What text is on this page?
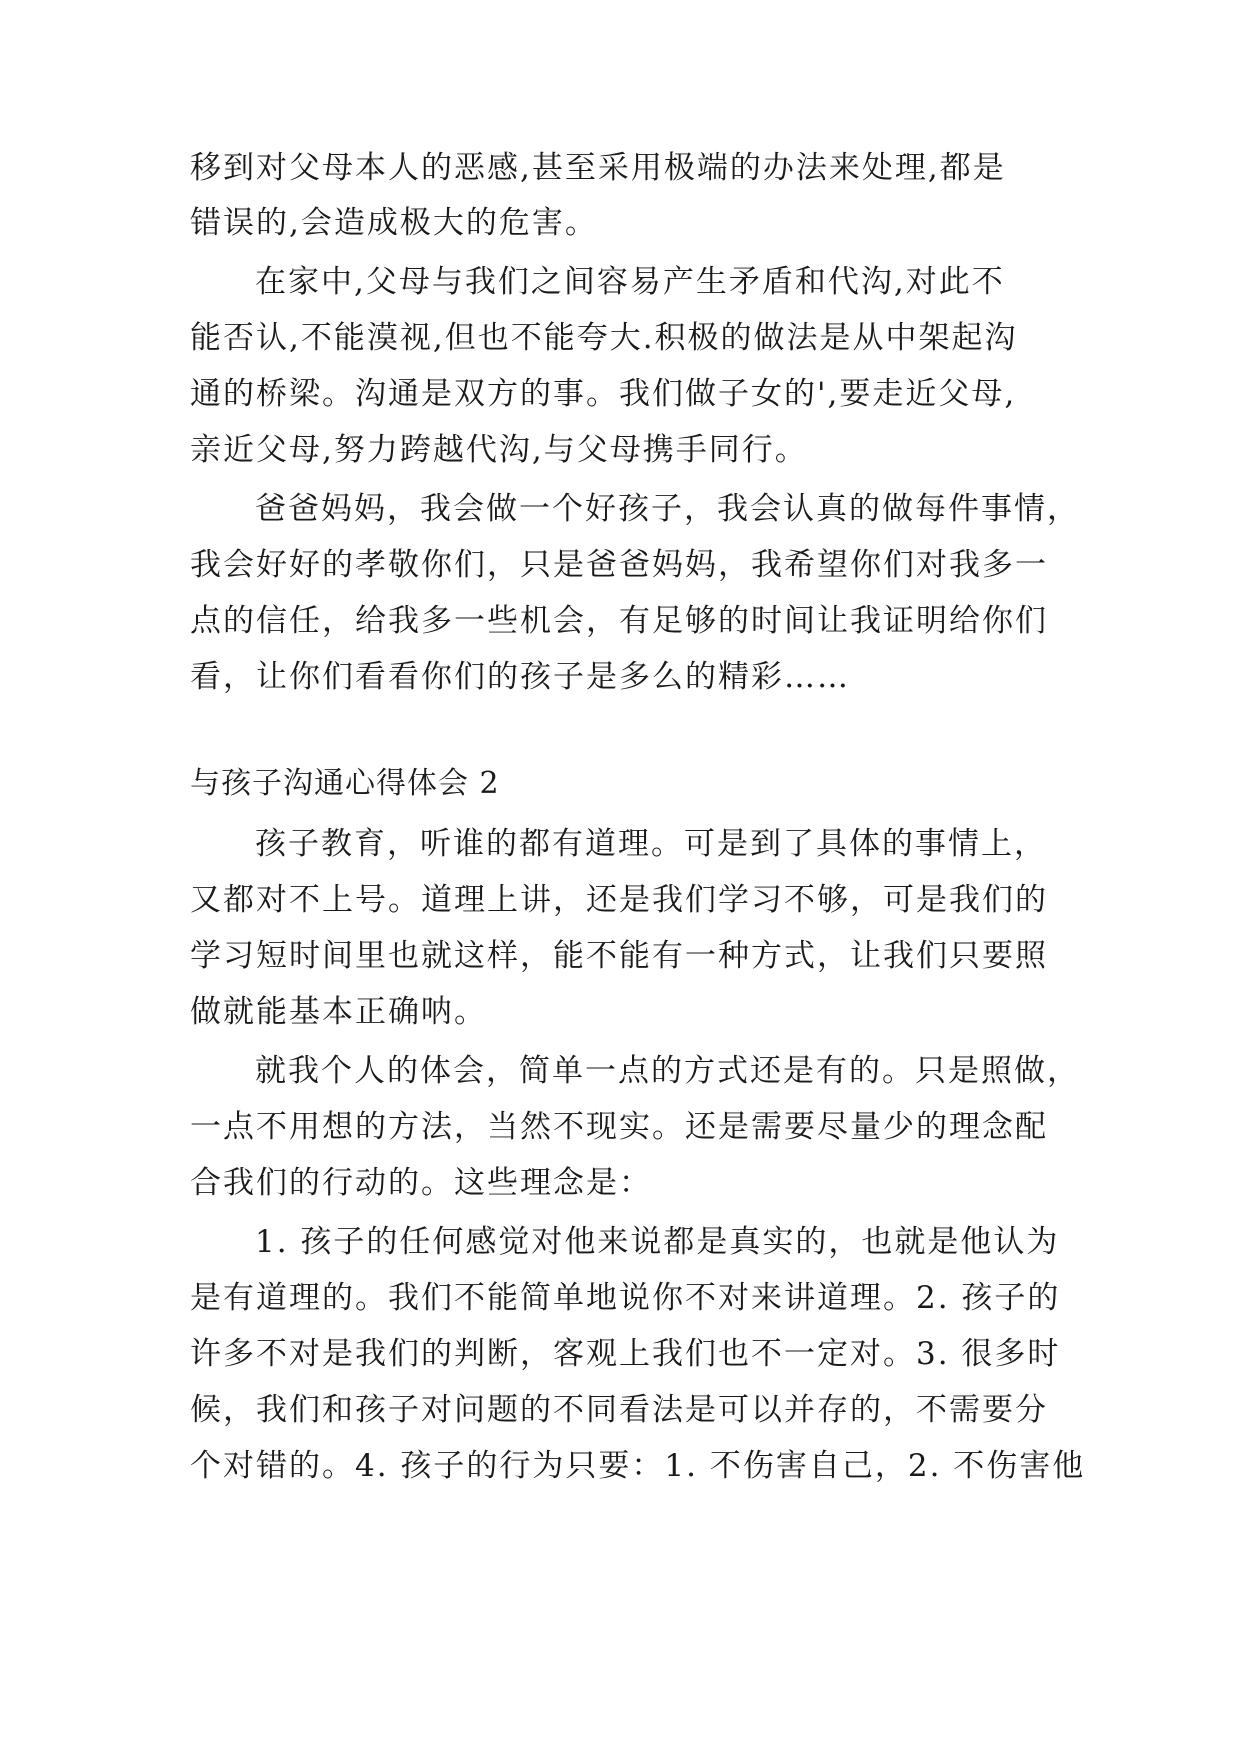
移到对父母本人的恶感,甚至采用极端的办法来处理,都是
错误的,会造成极大的危害。
在家中,父母与我们之间容易产生矛盾和代沟,对此不
能否认,不能漠视,但也不能夸大.积极的做法是从中架起沟
通的桥梁。沟通是双方的事。我们做子女的',要走近父母,
亲近父母,努力跨越代沟,与父母携手同行。
爸爸妈妈，我会做一个好孩子，我会认真的做每件事情，
我会好好的孝敬你们，只是爸爸妈妈，我希望你们对我多一
点的信任，给我多一些机会，有足够的时间让我证明给你们
看，让你们看看你们的孩子是多么的精彩……
与孩子沟通心得体会 2
孩子教育，听谁的都有道理。可是到了具体的事情上，
又都对不上号。道理上讲，还是我们学习不够，可是我们的
学习短时间里也就这样，能不能有一种方式，让我们只要照
做就能基本正确呐。
就我个人的体会，简单一点的方式还是有的。只是照做，
一点不用想的方法，当然不现实。还是需要尽量少的理念配
合我们的行动的。这些理念是：
1. 孩子的任何感觉对他来说都是真实的，也就是他认为
是有道理的。我们不能简单地说你不对来讲道理。2. 孩子的
许多不对是我们的判断，客观上我们也不一定对。3. 很多时
候，我们和孩子对问题的不同看法是可以并存的，不需要分
个对错的。4. 孩子的行为只要：1. 不伤害自己，2. 不伤害他
